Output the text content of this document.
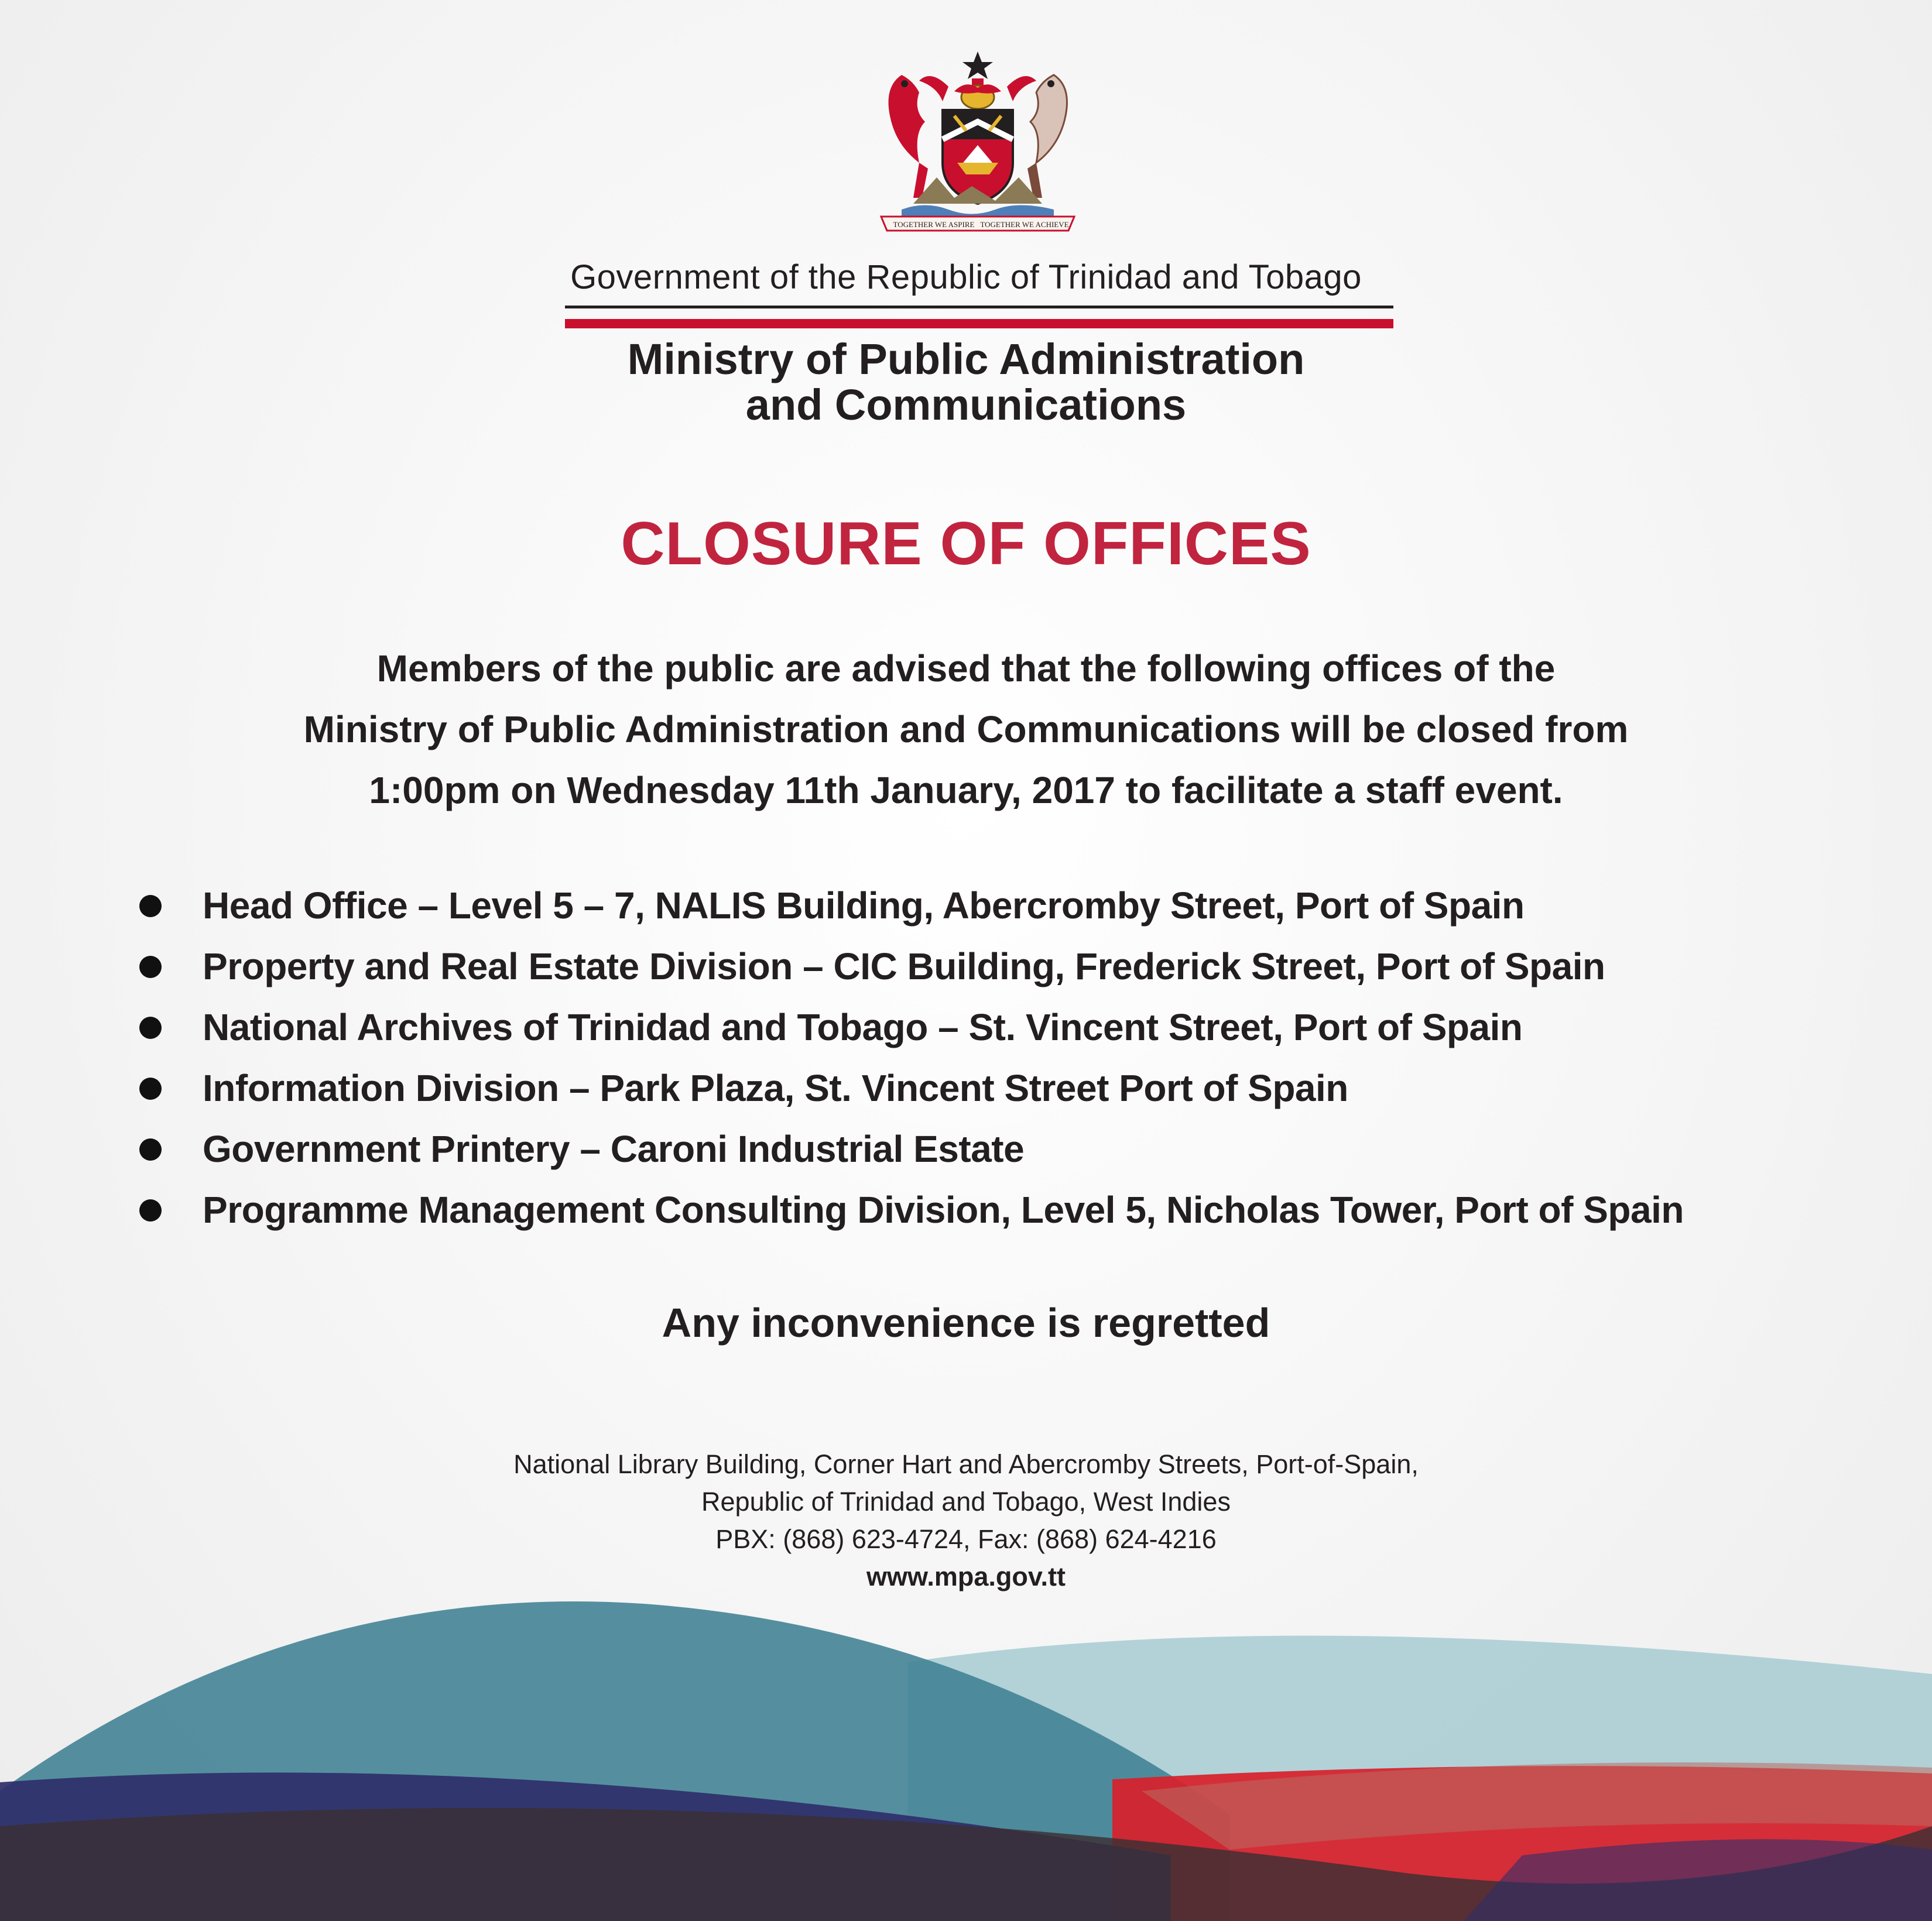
TOGETHER WE ASPIRE TOGETHER WE ACHIEVE
Government of the Republic of Trinidad and Tobago
Ministry of Public Administration
and Communications
CLOSURE OF OFFICES
Members of the public are advised that the following offices of the
Ministry of Public Administration and Communications will be closed from
1:00pm on Wednesday 11th January, 2017 to facilitate a staff event.
Head Office – Level 5 – 7, NALIS Building, Abercromby Street, Port of Spain
Property and Real Estate Division – CIC Building, Frederick Street, Port of Spain
National Archives of Trinidad and Tobago – St. Vincent Street, Port of Spain
Information Division – Park Plaza, St. Vincent Street Port of Spain
Government Printery – Caroni Industrial Estate
Programme Management Consulting Division, Level 5, Nicholas Tower, Port of Spain
Any inconvenience is regretted
National Library Building, Corner Hart and Abercromby Streets, Port-of-Spain,
Republic of Trinidad and Tobago, West Indies
PBX: (868) 623-4724, Fax: (868) 624-4216
www.mpa.gov.tt
